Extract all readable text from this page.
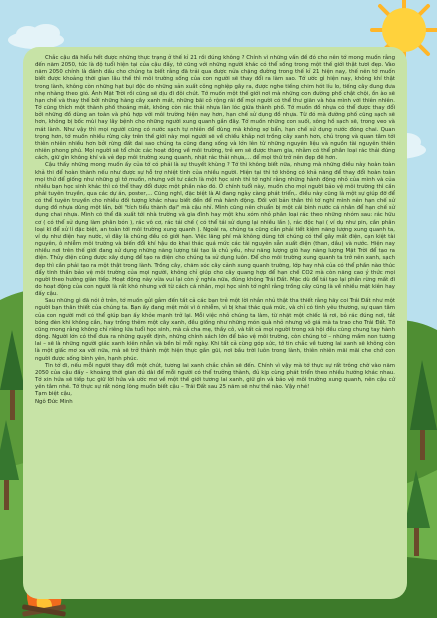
Chắc cậu đã hiểu hết được những thực trạng ở thế kỉ 21 rồi đúng không ? Chính vì những vấn đề đó cho nên tớ mong muốn rằng đến năm 2050, tức là độ tuổi hiện tại của cậu đấy, tớ cũng với những người khác có thể sống trong một thế giới thật tươi đẹp. Vào năm 2050 chính là đánh dấu cho chúng ta biết rằng đã trải qua được nửa chặng đường trong thế kỉ 21 hiện nay, thế nên tớ muốn biết được khoảng thời gian lâu thế thì môi trường sống của con người sẽ thay đổi ra làm sao. Tớ ước gì hiện nay, không khí thật trong lành, không còn những hạt bụi độc do những sản xuất công nghiệp gây ra, được nghe tiếng chim hót líu lo, tiếng cây đung đưa nhẹ nhàng theo gió. Ánh Mặt Trời rồi cũng sẽ dịu đi đôi chút. Tớ muốn một thế giới nơi mà những con đường phố chật chội, ồn ào sẽ hạn chế và thay thế bởi những hàng cây xanh mát, những bãi cỏ rộng rãi để mọi người có thể thư giãn và hòa mình với thiên nhiên. Tớ cũng thích một thành phố thoáng mát, không còn rác thải nhựa làn lóc giữa thành phố. Tớ muốn đồ nhựa có thể được thay đổi bởi những đồ dùng an toàn và phù hợp với môi trường hiện nay hơn, hạn chế sử dụng đồ nhựa. Từ đó mà đường phố cũng sạch sẽ hơn, không bị bốc mùi hay lây bệnh cho những người xung quanh gần đây. Tớ muốn những con suối, sông hồ sạch sẽ, trong veo và mát lành. Như vậy thì mọi người cũng có nước sạch tự nhiên để dùng mà không sợ bẩn, hạn chế sử dụng nước đóng chai. Quan trọng hơn, tớ muốn nhiều rừng cây trên thế giới này mọi người sẽ về chiếu khắp nơi trồng cây xanh hơn, chủ trọng và quan tâm tới thiên nhiên nhiều hơn bởi rừng đất đai sao chúng ta cũng đang sống và lớn lên từ những nguyên liệu và nguồn tài nguyên thiên nhiên phong phú. Mọi người sẽ tổ chức các hoạt động về môi trường, trẻ em sẽ được tham gia, nhằm có thể phân loại rác thải đúng cách, giữ gìn không khí và vẻ đẹp môi trường xung quanh, nhặt rác thải nhựa,... để mọi thứ trở nên đẹp đẽ hơn.

Cậu thấy những mong muốn ấy của tớ có phải là sự thuyết khùng ? Tớ thì không biết nữa, nhưng mà những điều này hoàn toàn khả thi để hoàn thành nếu như được sự hỗ trợ nhiệt tình của nhiều người. Hiện tại thì tớ không có khả năng để thay đổi hoàn toàn mọi thứ để giống như những gì tớ muốn, nhưng với tư cách là một học sinh thì tớ nghĩ rằng những hành động nhỏ của mình và của nhiều bạn học sinh khác thì có thể thay đổi được một phần nào đó. Ở chính tuổi này, muốn cho mọi người bảo vệ môi trường thì cần phải tuyên truyền, qua các dự án, poster,... Cũng nghĩ, đặc biệt là AI đang ngày càng phát triển,. điều này cũng là một sự giúp đỡ để có thể tuyên truyền cho nhiều đối tượng khác nhau biết đến để mà hành động. Đối với bản thân thì tớ nghĩ mình nên hạn chế sử dụng đồ nhựa dùng một lần, bởi "tích tiểu thành đại" mà cậu nhỉ. Mình cũng nên chuẩn bị một cái bình nước cá nhân để hạn chế sử dụng chai nhựa. Mình có thể đã xuất tới nhà trường và gia đình hay một khu xóm nhỏ phân loại rác theo những nhóm sau: rác hữu cơ ( có thể sử dụng làm phân bón ), rác vô cơ, rác tái chế ( có thể tái sử dụng lại nhiều lần ), rác độc hại ( ví dụ như pin, cần phân loại kĩ để xử lí đặc biệt, an toàn tới môi trường xung quanh ). Ngoài ra, chúng ta cũng cần phải tiết kiệm năng lượng xung quanh ta, ví dụ như điện hay nước, vì đây là chúng đều có giới hạn. Việc lãng phí mà không dùng tới chúng có thể gây mất điện, cạn kiệt tài nguyên, ô nhiễm môi trường và biến đổi khí hậu do khai thác quá mức các tài nguyên sẵn xuất điện (than, dầu) và nước. Hiện nay nhiều nơi trên thế giới đang sử dụng những năng lượng tái tạo là chủ yếu, như năng lượng gió hay năng lượng Mặt Trời để tạo ra điện. Thủy điện cũng được xây dựng để tạo ra điện cho chúng ta sử dụng luôn. Để cho môi trường xung quanh ta trở nên xanh, sạch đẹp thì cần phải tạo ra một thật trong lành. Trồng cây, chăm sóc cây cảnh xung quanh trường, lớp hay nhà của có thể phần nào thúc đẩy tinh thần bảo vệ môi trường của mọi người, không chỉ giúp cho cây quang hợp để hạn chế CO2 mà còn năng cao ý thức mọi người theo hướng giàn tiếp. Hoạt động này vừa vui lại còn ý nghĩa nữa, đúng không Trái Đất. Mặc dù để tái tạo lại phần rừng mất đi do hoạt động của con người là rất khó nhưng với từ cách cá nhân, mọi học sinh tớ nghĩ rằng trồng cây cũng là về nhiều mặt kiên hay đấy cậu.

Sau những gì đã nói ở trên, tớ muốn gửi gắm đến tất cả các bạn trẻ một lời nhắn nhủ thật tha thiết rằng hãy coi Trái Đất như một người bạn thân thiết của chúng ta. Bạn ấy đang mệt mỏi vì ô nhiễm, vì bị khai thác quá mức, và chỉ có tình yêu thương, sự quan tâm của con người mới có thể giúp bạn ấy khỏe mạnh trở lại. Mỗi việc nhỏ chúng ta làm, từ nhặt một chiếc lá rơi, bỏ rác đúng nơi, tắt bóng đèn khi không cần, hay trồng thêm một cây xanh, đều giống như những món quà nhỏ nhưng vô giá mà ta trao cho Trái Đất. Tớ cũng mong rằng không chỉ riêng lứa tuổi học sinh, mà cả cha mẹ, thầy cô, và tất cả mọi người trong xã hội đều cùng chung tay hành động. Người lớn có thể đưa ra những quyết định, những chính sách lớn để bảo vệ môi trường, còn chúng tớ – những mầm non tương lai – sẽ là những người giác xanh kiên nhẫn và bền bỉ mỗi ngày. Khi tất cả cùng góp sức, tớ tin chắc về tương lai xanh sẽ không còn là một giấc mơ xa vời nữa, mà sẽ trở thành một hiện thực gần gũi, nơi bầu trời luôn trong lành, thiên nhiên mãi mãi che chở con người được sống bình yên, hạnh phúc.

Tin tớ đi, nếu mỗi người thay đổi một chút, tương lai xanh chắc chắn sẽ đến. Chính vì vậy mà tớ thực sự rất trông chờ vào năm 2050 của cậu đấy – khoảng thời gian đủ dài để mỗi người có thể trưởng thành, đủ kịp cùng phát triển theo nhiều hướng khác nhau. Tớ xin hứa sẽ tiếp tục giữ lời hứa và ước mơ về một thế giới tương lai xanh, giữ gìn và bảo vệ môi trường xung quanh, nên cậu cứ yên tâm nhé. Tớ thực sự rất nóng lòng muốn biết cậu – Trái Đất sau 25 năm sẽ như thế nào. Vậy nhé!

Tạm biệt cậu,

Ngô Đức Minh
